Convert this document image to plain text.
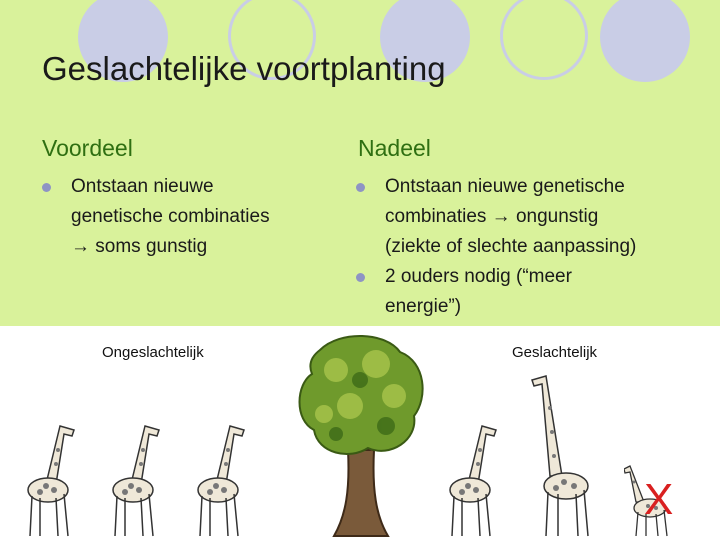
Geslachtelijke voortplanting
Voordeel	Nadeel
Ontstaan nieuwe
genetische combinaties
→ soms gunstig
Ontstaan nieuwe genetische
combinaties → ongunstig
(ziekte of slechte aanpassing)
2 ouders nodig (“meer
energie”)
Ongeslachtelijk	Geslachtelijk
X
